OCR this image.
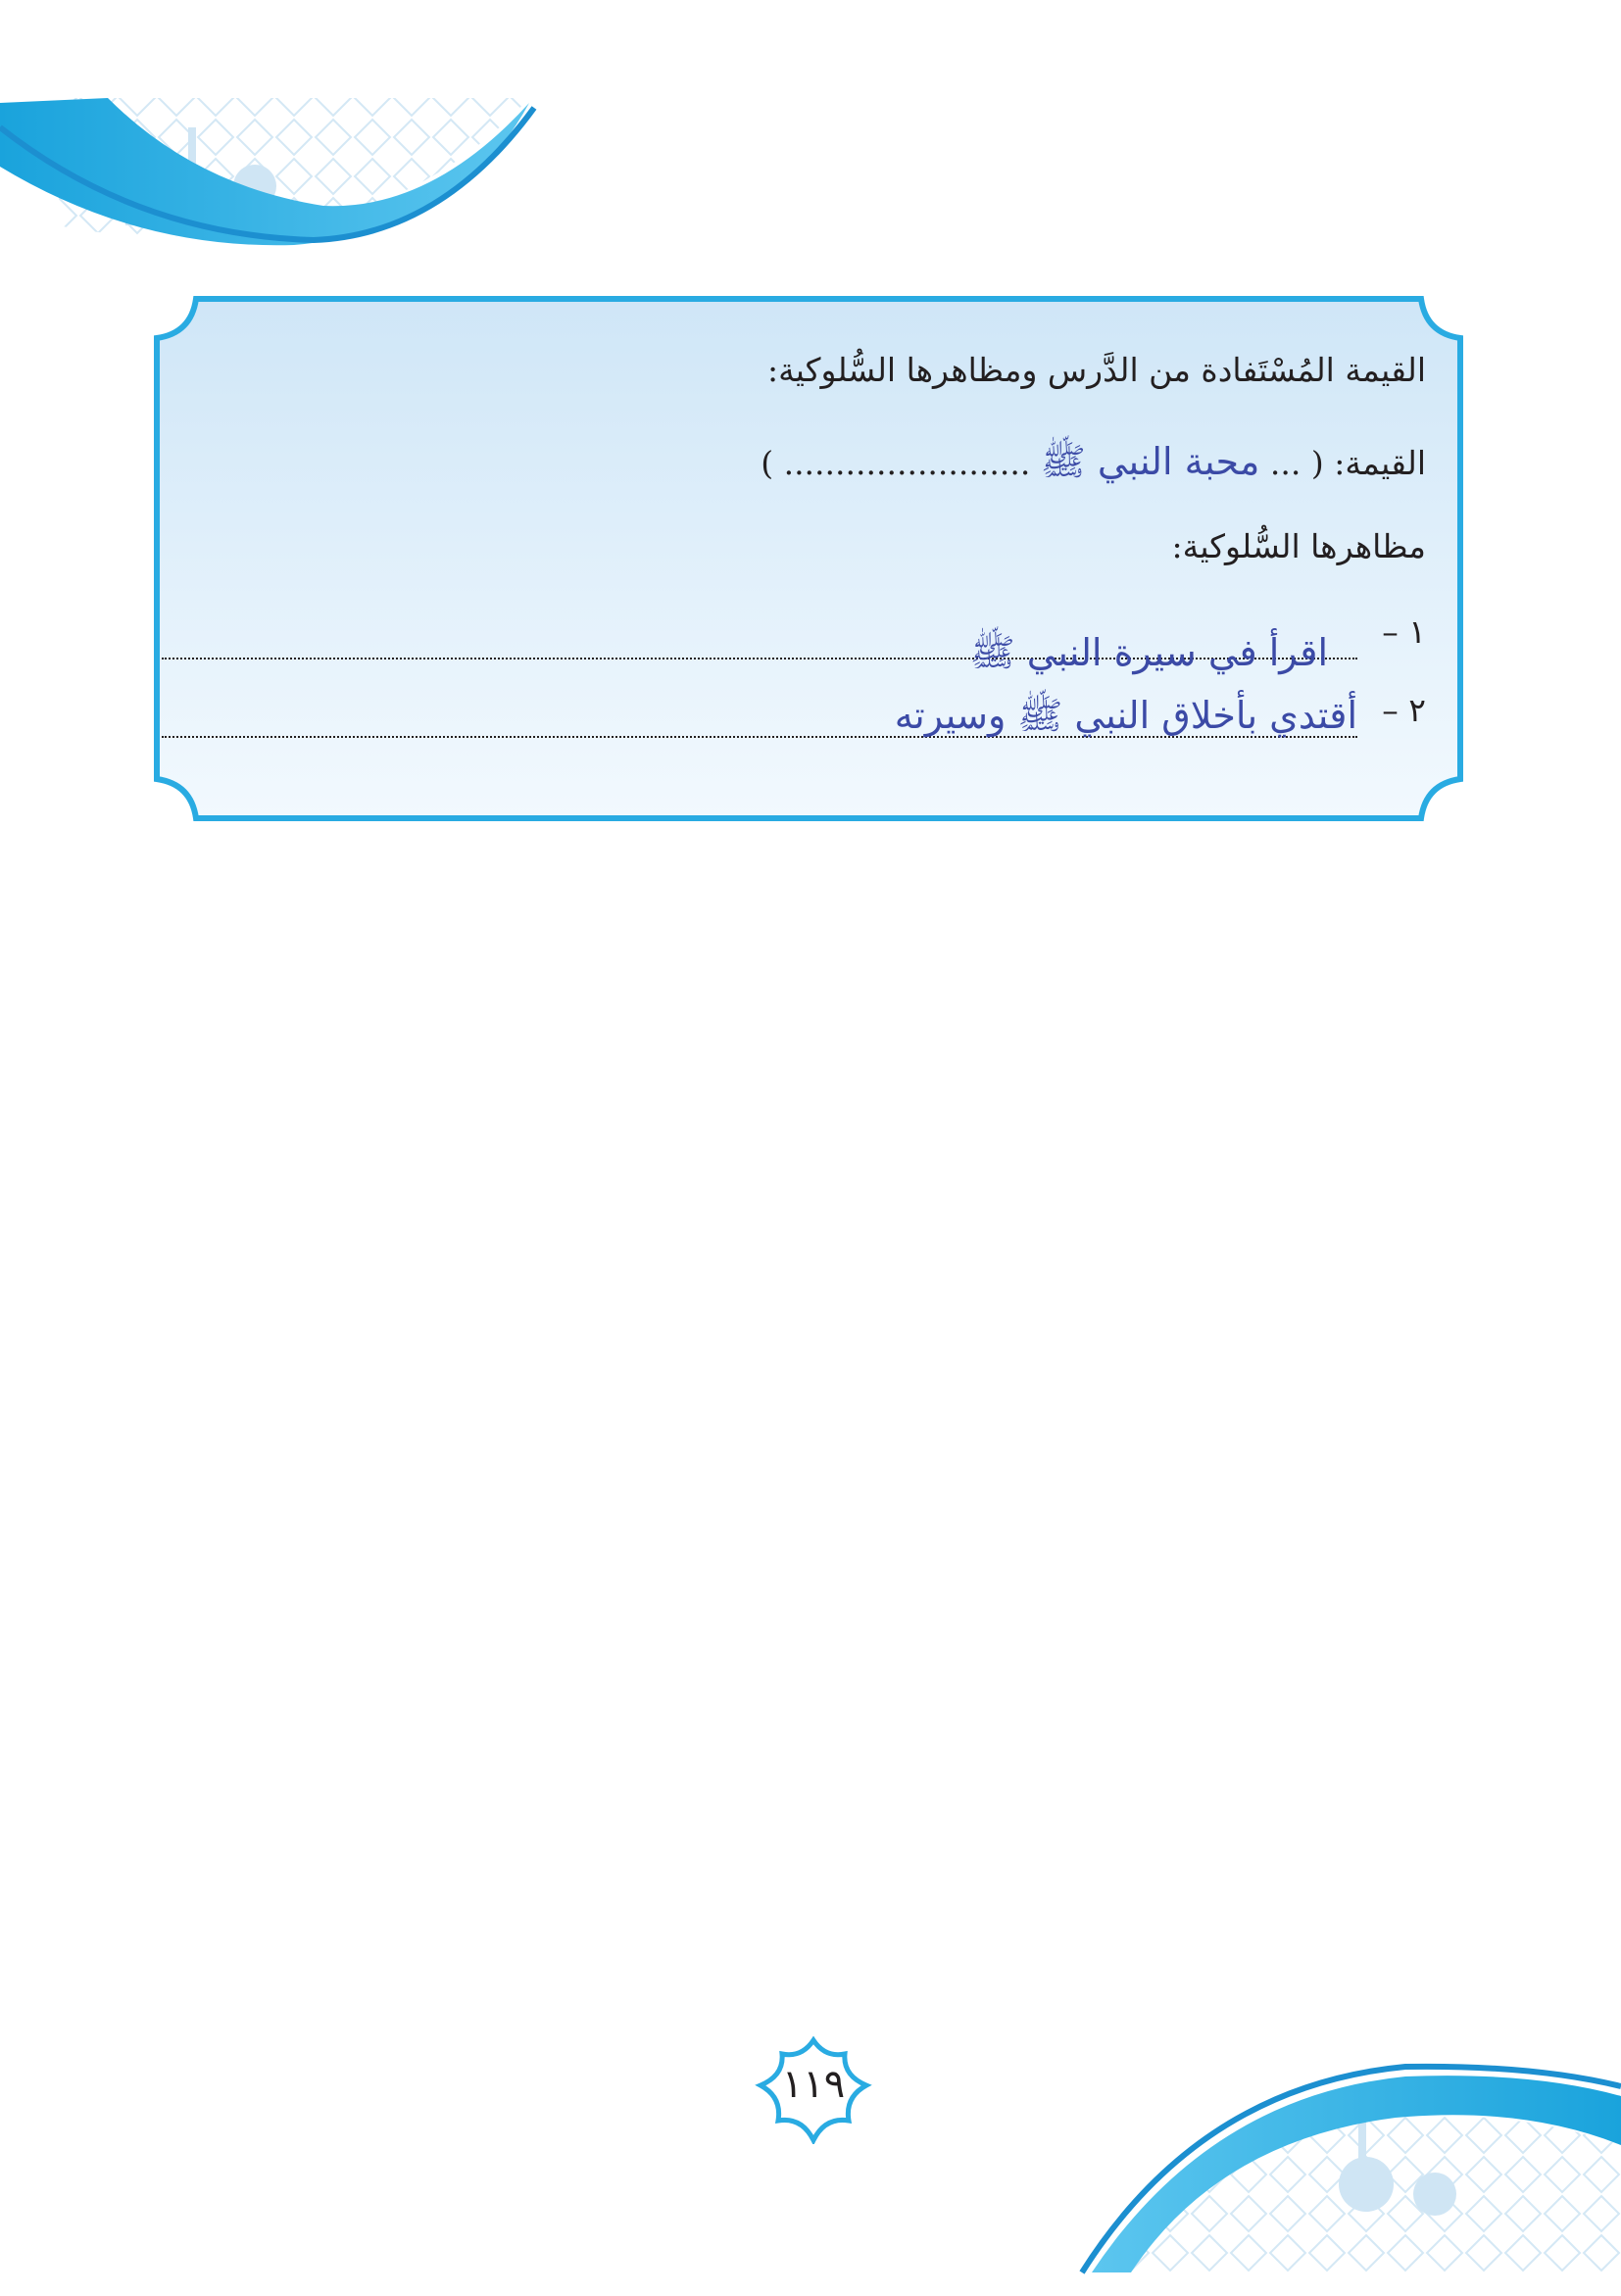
القيمة المُسْتَفادة من الدَّرس ومظاهرها السُّلوكية:
القيمة: ( ... محبة النبي ﷺ ........................ )
مظاهرها السُّلوكية:
١ –
اقرأ في سيرة النبي ﷺ
٢ –
أقتدي بأخلاق النبي ﷺ وسيرته
١١٩
